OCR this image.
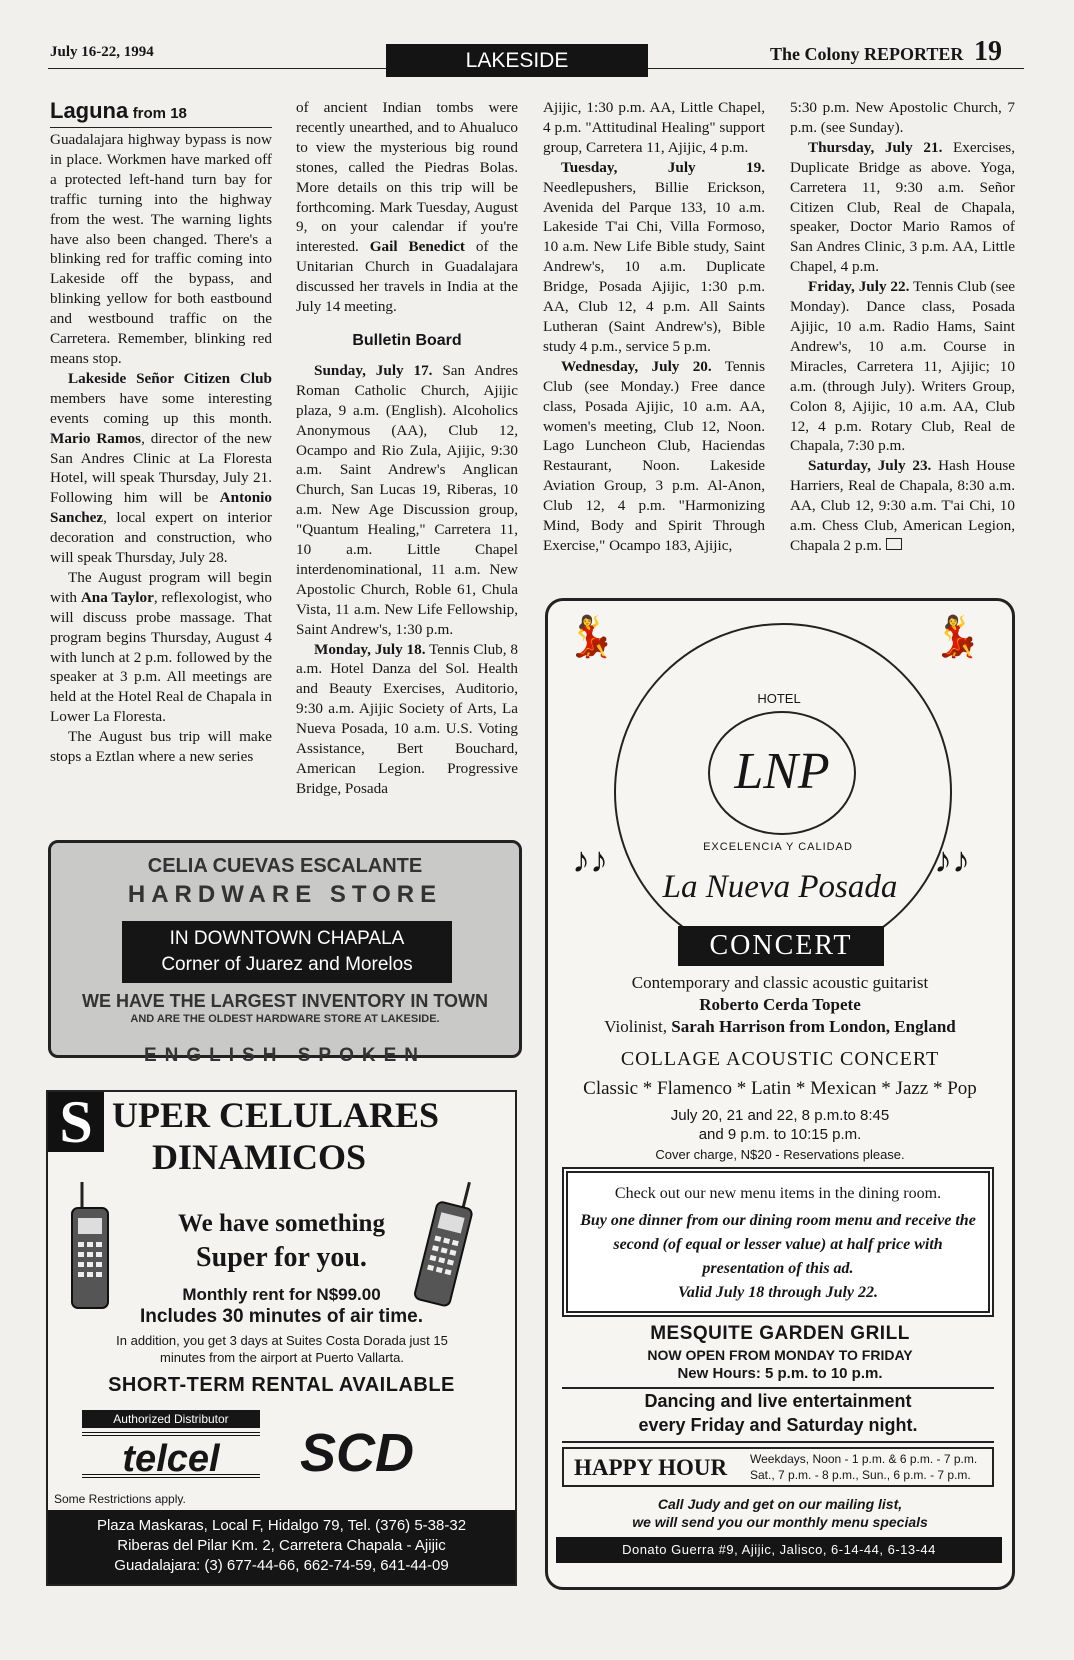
July 16-22, 1994	LAKESIDE	The Colony REPORTER 19
Laguna from 18

Guadalajara highway bypass is now in place. Workmen have marked off a protected left-hand turn bay for traffic turning into the highway from the west. The warning lights have also been changed. There's a blinking red for traffic coming into Lakeside off the bypass, and blinking yellow for both eastbound and westbound traffic on the Carretera. Remember, blinking red means stop.

Lakeside Señor Citizen Club members have some interesting events coming up this month. Mario Ramos, director of the new San Andres Clinic at La Floresta Hotel, will speak Thursday, July 21. Following him will be Antonio Sanchez, local expert on interior decoration and construction, who will speak Thursday, July 28.

The August program will begin with Ana Taylor, reflexologist, who will discuss probe massage. That program begins Thursday, August 4 with lunch at 2 p.m. followed by the speaker at 3 p.m. All meetings are held at the Hotel Real de Chapala in Lower La Floresta.

The August bus trip will make stops a Eztlan where a new series

of ancient Indian tombs were recently unearthed, and to Ahualuco to view the mysterious big round stones, called the Piedras Bolas. More details on this trip will be forthcoming. Mark Tuesday, August 9, on your calendar if you're interested. Gail Benedict of the Unitarian Church in Guadalajara discussed her travels in India at the July 14 meeting.

Bulletin Board

Sunday, July 17. San Andres Roman Catholic Church, Ajijic plaza, 9 a.m. (English). Alcoholics Anonymous (AA), Club 12, Ocampo and Rio Zula, Ajijic, 9:30 a.m. Saint Andrew's Anglican Church, San Lucas 19, Riberas, 10 a.m. New Age Discussion group, "Quantum Healing," Carretera 11, 10 a.m. Little Chapel interdenominational, 11 a.m. New Apostolic Church, Roble 61, Chula Vista, 11 a.m. New Life Fellowship, Saint Andrew's, 1:30 p.m.

Monday, July 18. Tennis Club, 8 a.m. Hotel Danza del Sol. Health and Beauty Exercises, Auditorio, 9:30 a.m. Ajijic Society of Arts, La Nueva Posada, 10 a.m. U.S. Voting Assistance, Bert Bouchard, American Legion. Progressive Bridge, Posada

Ajijic, 1:30 p.m. AA, Little Chapel, 4 p.m. "Attitudinal Healing" support group, Carretera 11, Ajijic, 4 p.m.

Tuesday, July 19. Needlepushers, Billie Erickson, Avenida del Parque 133, 10 a.m. Lakeside T'ai Chi, Villa Formoso, 10 a.m. New Life Bible study, Saint Andrew's, 10 a.m. Duplicate Bridge, Posada Ajijic, 1:30 p.m. AA, Club 12, 4 p.m. All Saints Lutheran (Saint Andrew's), Bible study 4 p.m., service 5 p.m.

Wednesday, July 20. Tennis Club (see Monday.) Free dance class, Posada Ajijic, 10 a.m. AA, women's meeting, Club 12, Noon. Lago Luncheon Club, Haciendas Restaurant, Noon. Lakeside Aviation Group, 3 p.m. Al-Anon, Club 12, 4 p.m. "Harmonizing Mind, Body and Spirit Through Exercise," Ocampo 183, Ajijic,

5:30 p.m. New Apostolic Church, 7 p.m. (see Sunday).

Thursday, July 21. Exercises, Duplicate Bridge as above. Yoga, Carretera 11, 9:30 a.m. Señor Citizen Club, Real de Chapala, speaker, Doctor Mario Ramos of San Andres Clinic, 3 p.m. AA, Little Chapel, 4 p.m.

Friday, July 22. Tennis Club (see Monday). Dance class, Posada Ajijic, 10 a.m. Radio Hams, Saint Andrew's, 10 a.m. Course in Miracles, Carretera 11, Ajijic; 10 a.m. (through July). Writers Group, Colon 8, Ajijic, 10 a.m. AA, Club 12, 4 p.m. Rotary Club, Real de Chapala, 7:30 p.m.

Saturday, July 23. Hash House Harriers, Real de Chapala, 8:30 a.m. AA, Club 12, 9:30 a.m. T'ai Chi, 10 a.m. Chess Club, American Legion, Chapala 2 p.m.

CELIA CUEVAS ESCALANTE
HARDWARE STORE
IN DOWNTOWN CHAPALA
Corner of Juarez and Morelos
WE HAVE THE LARGEST INVENTORY IN TOWN
AND ARE THE OLDEST HARDWARE STORE AT LAKESIDE.
ENGLISH SPOKEN
S UPER CELULARES
DINAMICOS
We have something
Super for you.
Monthly rent for N$99.00
Includes 30 minutes of air time.
In addition, you get 3 days at Suites Costa Dorada just 15 minutes from the airport at Puerto Vallarta.
SHORT-TERM RENTAL AVAILABLE
Authorized Distributor
telcel	SCD
Some Restrictions apply.
Plaza Maskaras, Local F, Hidalgo 79, Tel. (376) 5-38-32
Riberas del Pilar Km. 2, Carretera Chapala - Ajijic
Guadalajara: (3) 677-44-66, 662-74-59, 641-44-09
💃	💃
HOTEL
LNP
EXCELENCIA Y CALIDAD
La Nueva Posada
♪♪	♪♪
CONCERT
Contemporary and classic acoustic guitarist
Roberto Cerda Topete
Violinist, Sarah Harrison from London, England
COLLAGE ACOUSTIC CONCERT
Classic * Flamenco * Latin * Mexican * Jazz * Pop
July 20, 21 and 22, 8 p.m.to 8:45
and 9 p.m. to 10:15 p.m.
Cover charge, N$20 - Reservations please.
Check out our new menu items in the dining room.
Buy one dinner from our dining room menu and receive the second (of equal or lesser value) at half price with presentation of this ad.
Valid July 18 through July 22.
MESQUITE GARDEN GRILL
NOW OPEN FROM MONDAY TO FRIDAY
New Hours: 5 p.m. to 10 p.m.
Dancing and live entertainment
every Friday and Saturday night.
HAPPY HOUR Weekdays, Noon - 1 p.m. & 6 p.m. - 7 p.m.
Sat., 7 p.m. - 8 p.m., Sun., 6 p.m. - 7 p.m.
Call Judy and get on our mailing list,
we will send you our monthly menu specials
Donato Guerra #9, Ajijic, Jalisco, 6-14-44, 6-13-44
